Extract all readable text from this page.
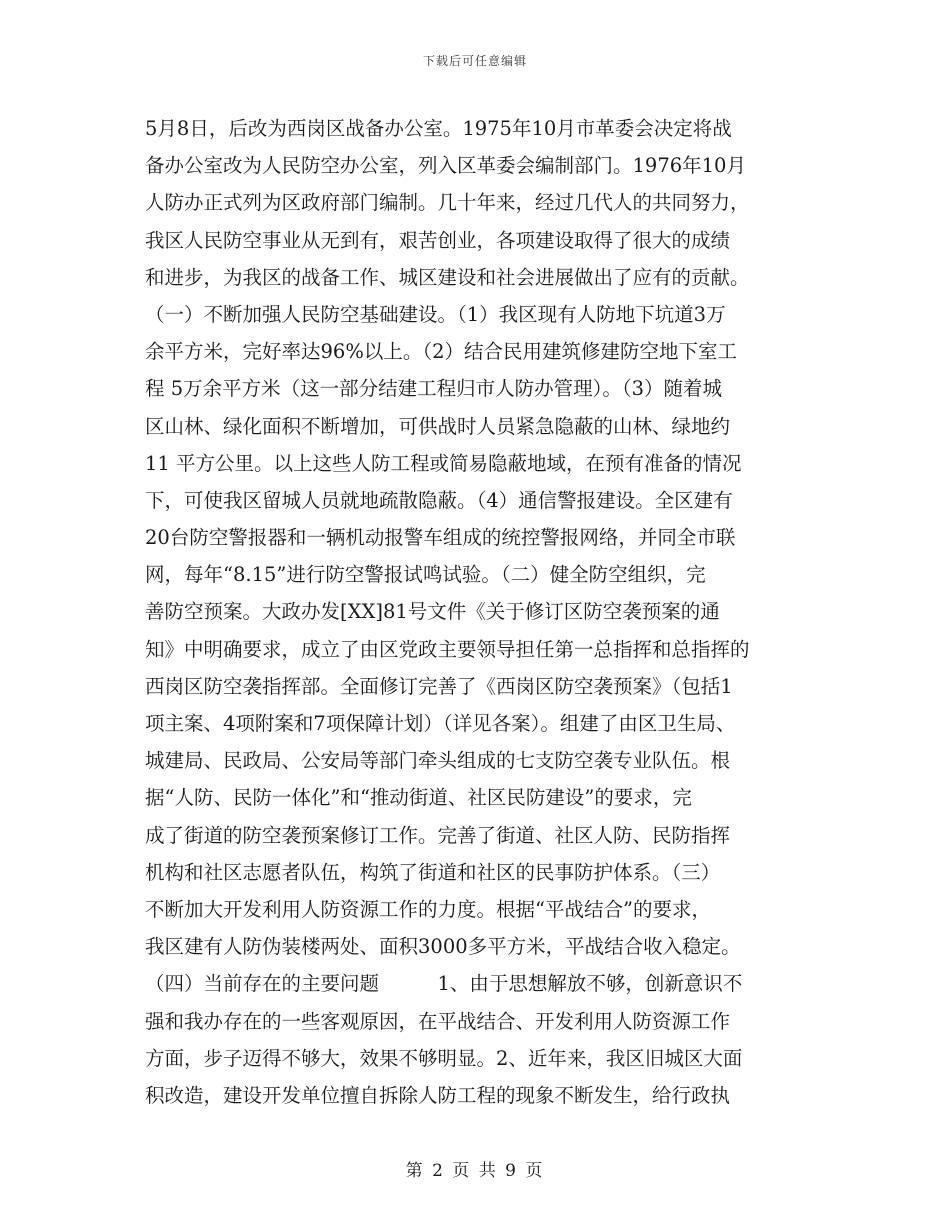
下载后可任意编辑
5月8日，后改为西岗区战备办公室。1975年10月市革委会决定将战
备办公室改为人民防空办公室，列入区革委会编制部门。1976年10月
人防办正式列为区政府部门编制。几十年来，经过几代人的共同努力，
我区人民防空事业从无到有，艰苦创业，各项建设取得了很大的成绩
和进步，为我区的战备工作、城区建设和社会进展做出了应有的贡献。
（一）不断加强人民防空基础建设。（1）我区现有人防地下坑道3万
余平方米，完好率达96%以上。（2）结合民用建筑修建防空地下室工
程 5万余平方米（这一部分结建工程归市人防办管理）。（3）随着城
区山林、绿化面积不断增加，可供战时人员紧急隐蔽的山林、绿地约
11 平方公里。以上这些人防工程或简易隐蔽地域，在预有准备的情况
下，可使我区留城人员就地疏散隐蔽。（4）通信警报建设。全区建有
20台防空警报器和一辆机动报警车组成的统控警报网络，并同全市联
网，每年“8.15”进行防空警报试鸣试验。（二）健全防空组织，完
善防空预案。大政办发[XX]81号文件《关于修订区防空袭预案的通
知》中明确要求，成立了由区党政主要领导担任第一总指挥和总指挥的
西岗区防空袭指挥部。全面修订完善了《西岗区防空袭预案》（包括1
项主案、4项附案和7项保障计划）（详见各案）。组建了由区卫生局、
城建局、民政局、公安局等部门牵头组成的七支防空袭专业队伍。根
据“人防、民防一体化”和“推动街道、社区民防建设”的要求，完
成了街道的防空袭预案修订工作。完善了街道、社区人防、民防指挥
机构和社区志愿者队伍，构筑了街道和社区的民事防护体系。（三）
不断加大开发利用人防资源工作的力度。根据“平战结合”的要求，
我区建有人防伪装楼两处、面积3000多平方米，平战结合收入稳定。
（四）当前存在的主要问题　　　1、由于思想解放不够，创新意识不
强和我办存在的一些客观原因，在平战结合、开发利用人防资源工作
方面，步子迈得不够大，效果不够明显。2、近年来，我区旧城区大面
积改造，建设开发单位擅自拆除人防工程的现象不断发生，给行政执
第 2 页 共 9 页
